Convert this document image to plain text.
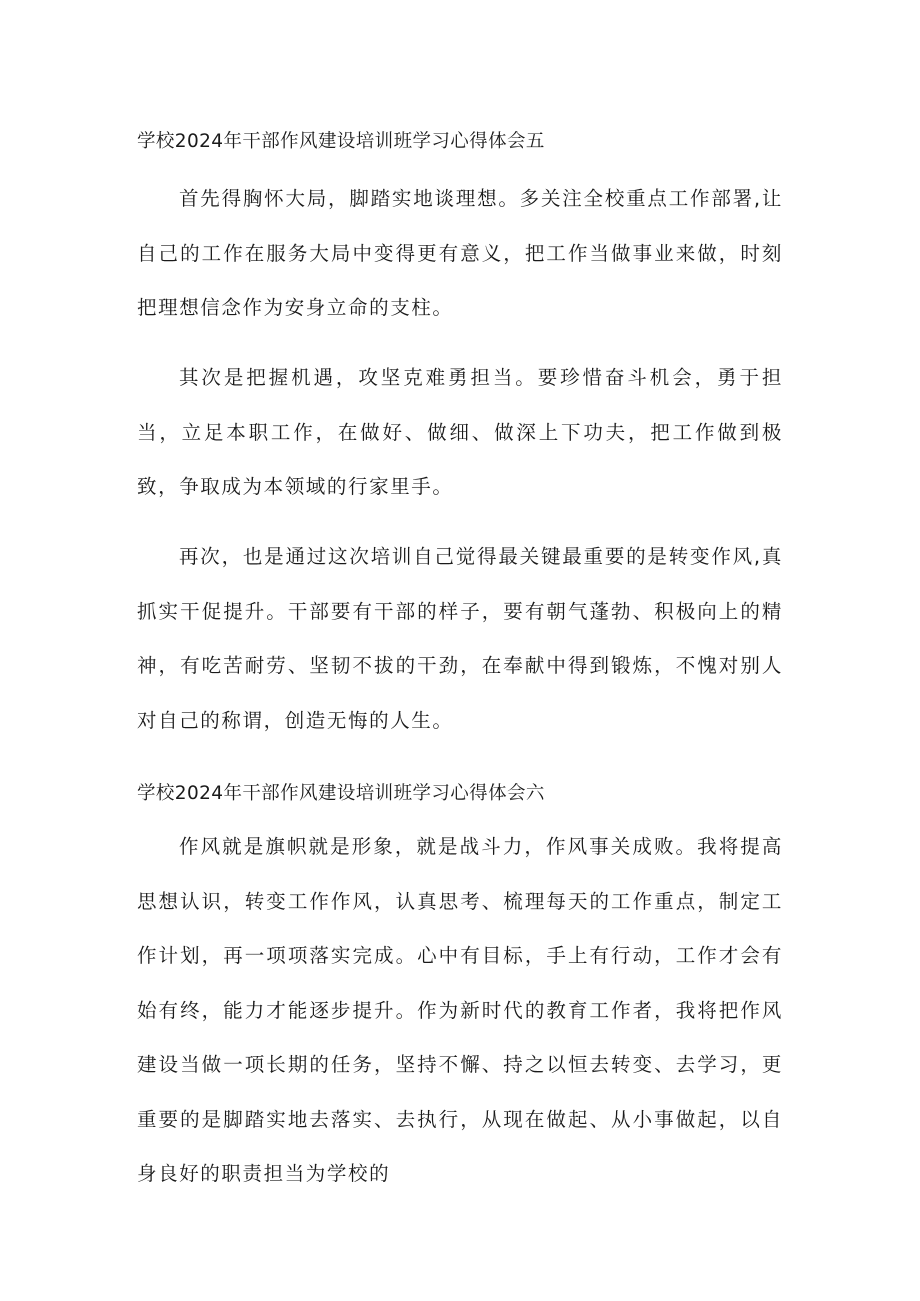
学校2024年干部作风建设培训班学习心得体会五

首先得胸怀大局，脚踏实地谈理想。多关注全校重点工作部署,让自己的工作在服务大局中变得更有意义，把工作当做事业来做，时刻把理想信念作为安身立命的支柱。

其次是把握机遇，攻坚克难勇担当。要珍惜奋斗机会，勇于担当，立足本职工作，在做好、做细、做深上下功夫，把工作做到极致，争取成为本领域的行家里手。

再次，也是通过这次培训自己觉得最关键最重要的是转变作风,真抓实干促提升。干部要有干部的样子，要有朝气蓬勃、积极向上的精神，有吃苦耐劳、坚韧不拔的干劲，在奉献中得到锻炼，不愧对别人对自己的称谓，创造无悔的人生。

学校2024年干部作风建设培训班学习心得体会六

作风就是旗帜就是形象，就是战斗力，作风事关成败。我将提高思想认识，转变工作作风，认真思考、梳理每天的工作重点，制定工作计划，再一项项落实完成。心中有目标，手上有行动，工作才会有始有终，能力才能逐步提升。作为新时代的教育工作者，我将把作风建设当做一项长期的任务，坚持不懈、持之以恒去转变、去学习，更重要的是脚踏实地去落实、去执行，从现在做起、从小事做起，以自身良好的职责担当为学校的
